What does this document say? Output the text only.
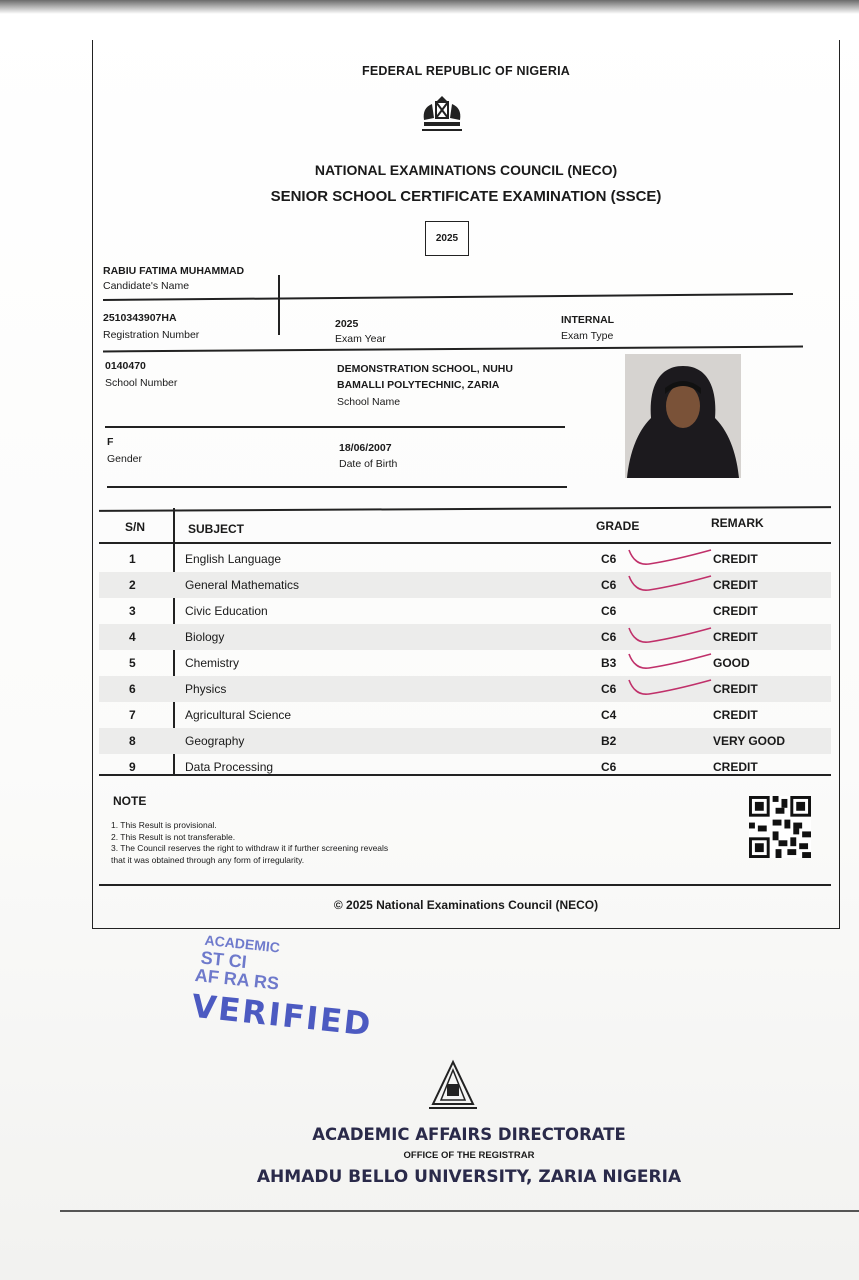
FEDERAL REPUBLIC OF NIGERIA
NATIONAL EXAMINATIONS COUNCIL (NECO)
SENIOR SCHOOL CERTIFICATE EXAMINATION (SSCE)
2025
RABIU FATIMA MUHAMMAD
Candidate's Name
2510343907HA
Registration Number
2025
Exam Year
INTERNAL
Exam Type
0140470
School Number
DEMONSTRATION SCHOOL, NUHU
BAMALLI POLYTECHNIC, ZARIA
School Name
F
Gender
18/06/2007
Date of Birth
S/N	SUBJECT	GRADE	REMARK
1	English Language	C6	CREDIT
2	General Mathematics	C6	CREDIT
3	Civic Education	C6	CREDIT
4	Biology	C6	CREDIT
5	Chemistry	B3	GOOD
6	Physics	C6	CREDIT
7	Agricultural Science	C4	CREDIT
8	Geography	B2	VERY GOOD
9	Data Processing	C6	CREDIT
NOTE
1. This Result is provisional.
2. This Result is not transferable.
3. The Council reserves the right to withdraw it if further screening reveals
that it was obtained through any form of irregularity.
© 2025 National Examinations Council (NECO)
ACADEMIC
ST CI
AF RA RS
VERIFIED
ACADEMIC AFFAIRS DIRECTORATE
OFFICE OF THE REGISTRAR
AHMADU BELLO UNIVERSITY, ZARIA NIGERIA
